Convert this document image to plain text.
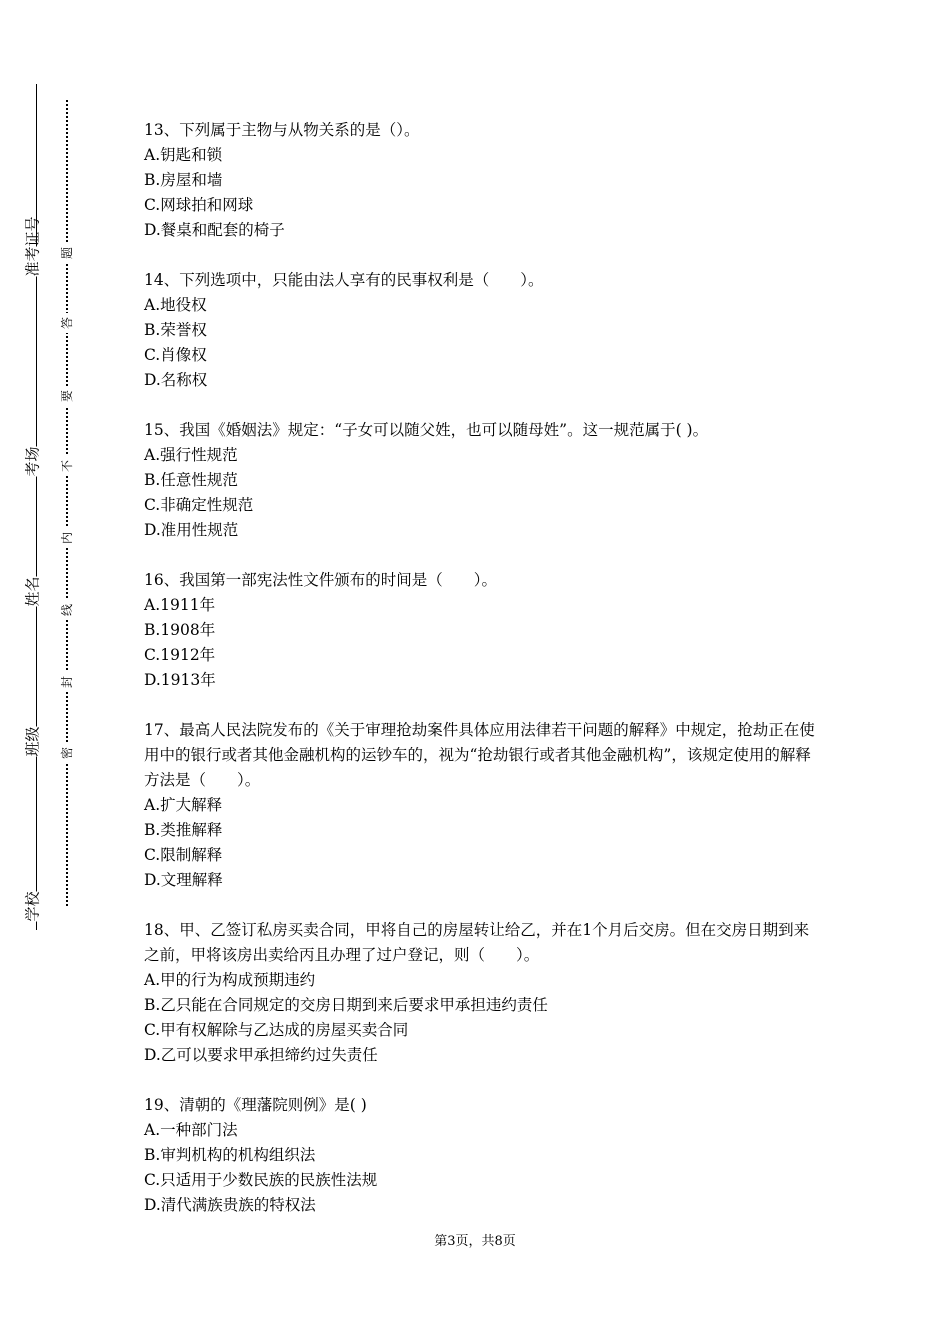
准考证号
考场
姓名
班级
学校
题
答
要
不
内
线
封
密
13、下列属于主物与从物关系的是（）。
A.钥匙和锁
B.房屋和墙
C.网球拍和网球
D.餐桌和配套的椅子
14、下列选项中，只能由法人享有的民事权利是（　　）。
A.地役权
B.荣誉权
C.肖像权
D.名称权
15、我国《婚姻法》规定：“子女可以随父姓，也可以随母姓”。这一规范属于( )。
A.强行性规范
B.任意性规范
C.非确定性规范
D.准用性规范
16、我国第一部宪法性文件颁布的时间是（　　）。
A.1911年
B.1908年
C.1912年
D.1913年
17、最高人民法院发布的《关于审理抢劫案件具体应用法律若干问题的解释》中规定，抢劫正在使用中的银行或者其他金融机构的运钞车的，视为“抢劫银行或者其他金融机构”，该规定使用的解释方法是（　　）。
A.扩大解释
B.类推解释
C.限制解释
D.文理解释
18、甲、乙签订私房买卖合同，甲将自己的房屋转让给乙，并在1个月后交房。但在交房日期到来之前，甲将该房出卖给丙且办理了过户登记，则（　　）。
A.甲的行为构成预期违约
B.乙只能在合同规定的交房日期到来后要求甲承担违约责任
C.甲有权解除与乙达成的房屋买卖合同
D.乙可以要求甲承担缔约过失责任
19、清朝的《理藩院则例》是( )
A.一种部门法
B.审判机构的机构组织法
C.只适用于少数民族的民族性法规
D.清代满族贵族的特权法
第3页，共8页
